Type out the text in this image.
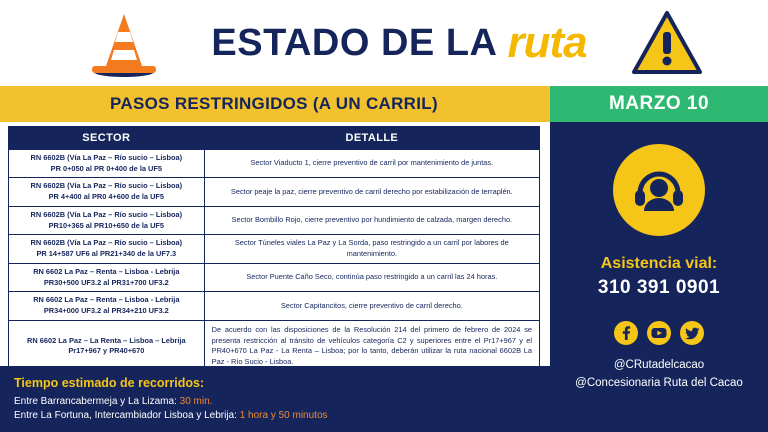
ESTADO DE LA ruta
PASOS RESTRINGIDOS (A UN CARRIL)	MARZO 10
SECTOR	DETALLE
RN 6602B (Vía La Paz – Río sucio – Lisboa)
PR 0+050 al PR 0+400 de la UF5	Sector Viaducto 1, cierre preventivo de carril por mantenimiento de juntas.
RN 6602B (Vía La Paz – Río sucio – Lisboa)
PR 4+400 al PR0 4+600 de la UF5	Sector peaje la paz, cierre preventivo de carril derecho por estabilización de terraplén.
RN 6602B (Vía La Paz – Río sucio – Lisboa)
PR10+365 al PR10+650 de la UF5	Sector Bombillo Rojo, cierre preventivo por hundimiento de calzada, margen derecho.
RN 6602B (Vía La Paz – Río sucio – Lisboa)
PR 14+587 UF6 al PR21+340 de la UF7.3	Sector Túneles viales La Paz y La Sorda, paso restringido a un carril por labores de mantenimiento.
RN 6602 La Paz – Renta – Lisboa - Lebrija
PR30+500 UF3.2 al PR31+700 UF3.2	Sector Puente Caño Seco, continúa paso restringido a un carril las 24 horas.
RN 6602 La Paz – Renta – Lisboa - Lebrija
PR34+000 UF3.2 al PR34+210 UF3.2	Sector Capitancitos, cierre preventivo de carril derecho.
RN 6602 La Paz – La Renta – Lisboa – Lebrija
Pr17+967 y PR40+670	De acuerdo con las disposiciones de la Resolución 214 del primero de febrero de 2024 se presenta restricción al tránsito de vehículos categoría C2 y superiores entre el Pr17+967 y el PR40+670 La Paz - La Renta – Lisboa; por lo tanto, deberán utilizar la ruta nacional 6602B La Paz - Río Sucio - Lisboa.
Tiempo estimado de recorridos:
Entre Barrancabermeja y La Lizama: 30 min.
Entre La Fortuna, Intercambiador Lisboa y Lebrija: 1 hora y 50 minutos
Asistencia vial:
310 391 0901
@CRutadelcacao
@Concesionaria Ruta del Cacao
